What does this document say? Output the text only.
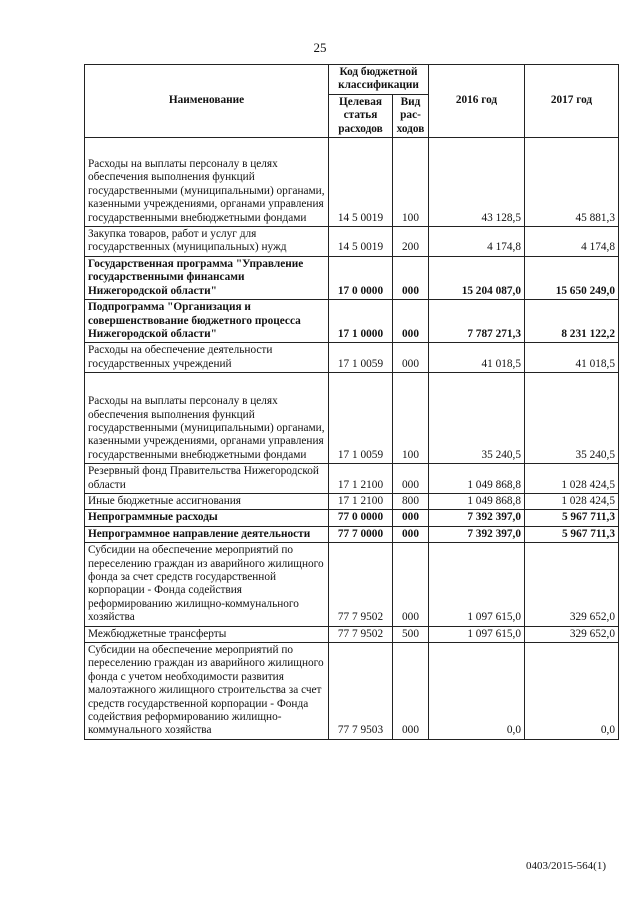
25
Наименование	Код бюджетной классификации		2016 год	2017 год
	Целевая статья расходов	Вид рас-ходов		
Расходы на выплаты персоналу в целях обеспечения выполнения функций государственными (муниципальными) органами, казенными учреждениями, органами управления государственными внебюджетными фондами	14 5 0019	100	43 128,5	45 881,3
Закупка товаров, работ и услуг для государственных (муниципальных) нужд	14 5 0019	200	4 174,8	4 174,8
Государственная программа "Управление государственными финансами Нижегородской области"	17 0 0000	000	15 204 087,0	15 650 249,0
Подпрограмма "Организация и совершенствование бюджетного процесса Нижегородской области"	17 1 0000	000	7 787 271,3	8 231 122,2
Расходы на обеспечение деятельности государственных учреждений	17 1 0059	000	41 018,5	41 018,5
Расходы на выплаты персоналу в целях обеспечения выполнения функций государственными (муниципальными) органами, казенными учреждениями, органами управления государственными внебюджетными фондами	17 1 0059	100	35 240,5	35 240,5
Резервный фонд Правительства Нижегородской области	17 1 2100	000	1 049 868,8	1 028 424,5
Иные бюджетные ассигнования	17 1 2100	800	1 049 868,8	1 028 424,5
Непрограммные расходы	77 0 0000	000	7 392 397,0	5 967 711,3
Непрограммное направление деятельности	77 7 0000	000	7 392 397,0	5 967 711,3
Субсидии на обеспечение мероприятий по переселению граждан из аварийного жилищного фонда за счет средств государственной корпорации - Фонда содействия реформированию жилищно-коммунального хозяйства	77 7 9502	000	1 097 615,0	329 652,0
Межбюджетные трансферты	77 7 9502	500	1 097 615,0	329 652,0
Субсидии на обеспечение мероприятий по переселению граждан из аварийного жилищного фонда с учетом необходимости развития малоэтажного жилищного строительства за счет средств государственной корпорации - Фонда содействия реформированию жилищно-коммунального хозяйства	77 7 9503	000	0,0	0,0
0403/2015-564(1)
